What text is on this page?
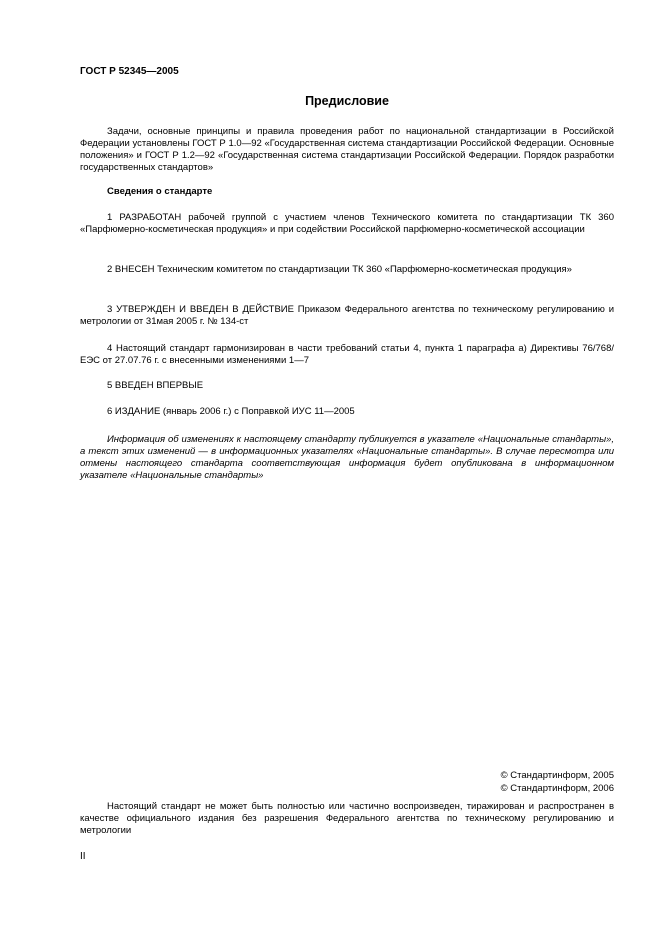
ГОСТ Р 52345—2005
Предисловие

Задачи, основные принципы и правила проведения работ по национальной стандартизации в Российской Федерации установлены ГОСТ Р 1.0—92 «Государственная система стандартизации Российской Федерации. Основные положения» и ГОСТ Р 1.2—92 «Государственная система стандартизации Российской Федерации. Порядок разработки государственных стандартов»

Сведения о стандарте

1 РАЗРАБОТАН рабочей группой с участием членов Технического комитета по стандартизации ТК 360 «Парфюмерно-косметическая продукция» и при содействии Российской парфюмерно-косметической ассоциации

2 ВНЕСЕН Техническим комитетом по стандартизации ТК 360 «Парфюмерно-косметическая продукция»

3 УТВЕРЖДЕН И ВВЕДЕН В ДЕЙСТВИЕ Приказом Федерального агентства по техническому регулированию и метрологии от 31мая 2005 г. № 134-ст

4 Настоящий стандарт гармонизирован в части требований статьи 4, пункта 1 параграфа а) Директивы 76/768/ЕЭС от 27.07.76 г. с внесенными изменениями 1—7

5 ВВЕДЕН ВПЕРВЫЕ

6 ИЗДАНИЕ (январь 2006 г.) с Поправкой ИУС 11—2005

Информация об изменениях к настоящему стандарту публикуется в указателе «Национальные стандарты», а текст этих изменений — в информационных указателях «Национальные стандарты». В случае пересмотра или отмены настоящего стандарта соответствующая информация будет опубликована в информационном указателе «Национальные стандарты»

© Стандартинформ, 2005
© Стандартинформ, 2006

Настоящий стандарт не может быть полностью или частично воспроизведен, тиражирован и распространен в качестве официального издания без разрешения Федерального агентства по техническому регулированию и метрологии

II
